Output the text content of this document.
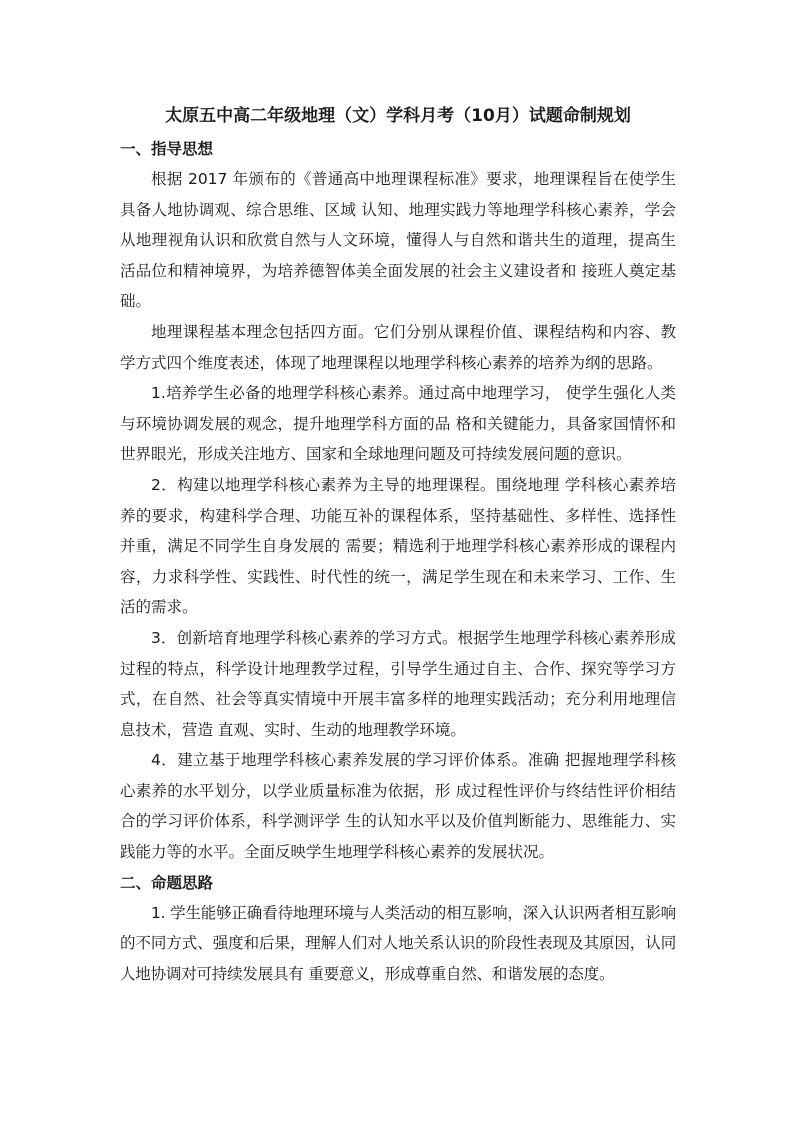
太原五中高二年级地理（文）学科月考（10月）试题命制规划
一、指导思想

根据 2017 年颁布的《普通高中地理课程标准》要求，地理课程旨在使学生具备人地协调观、综合思维、区域 认知、地理实践力等地理学科核心素养，学会从地理视角认识和欣赏自然与人文环境，懂得人与自然和谐共生的道理，提高生活品位和精神境界，为培养德智体美全面发展的社会主义建设者和 接班人奠定基础。

地理课程基本理念包括四方面。它们分别从课程价值、课程结构和内容、教学方式四个维度表述，体现了地理课程以地理学科核心素养的培养为纲的思路。

1.培养学生必备的地理学科核心素养。通过高中地理学习， 使学生强化人类与环境协调发展的观念，提升地理学科方面的品 格和关键能力，具备家国情怀和世界眼光，形成关注地方、国家和全球地理问题及可持续发展问题的意识。

2．构建以地理学科核心素养为主导的地理课程。围绕地理 学科核心素养培养的要求，构建科学合理、功能互补的课程体系，坚持基础性、多样性、选择性并重，满足不同学生自身发展的 需要；精选利于地理学科核心素养形成的课程内容，力求科学性、实践性、时代性的统一，满足学生现在和未来学习、工作、生活的需求。

3．创新培育地理学科核心素养的学习方式。根据学生地理学科核心素养形成过程的特点，科学设计地理教学过程，引导学生通过自主、合作、探究等学习方式，在自然、社会等真实情境中开展丰富多样的地理实践活动；充分利用地理信息技术，营造 直观、实时、生动的地理教学环境。

4．建立基于地理学科核心素养发展的学习评价体系。准确 把握地理学科核心素养的水平划分，以学业质量标准为依据，形 成过程性评价与终结性评价相结合的学习评价体系，科学测评学 生的认知水平以及价值判断能力、思维能力、实践能力等的水平。全面反映学生地理学科核心素养的发展状况。

二、命题思路

1. 学生能够正确看待地理环境与人类活动的相互影响，深入认识两者相互影响的不同方式、强度和后果，理解人们对人地关系认识的阶段性表现及其原因，认同人地协调对可持续发展具有 重要意义，形成尊重自然、和谐发展的态度。
